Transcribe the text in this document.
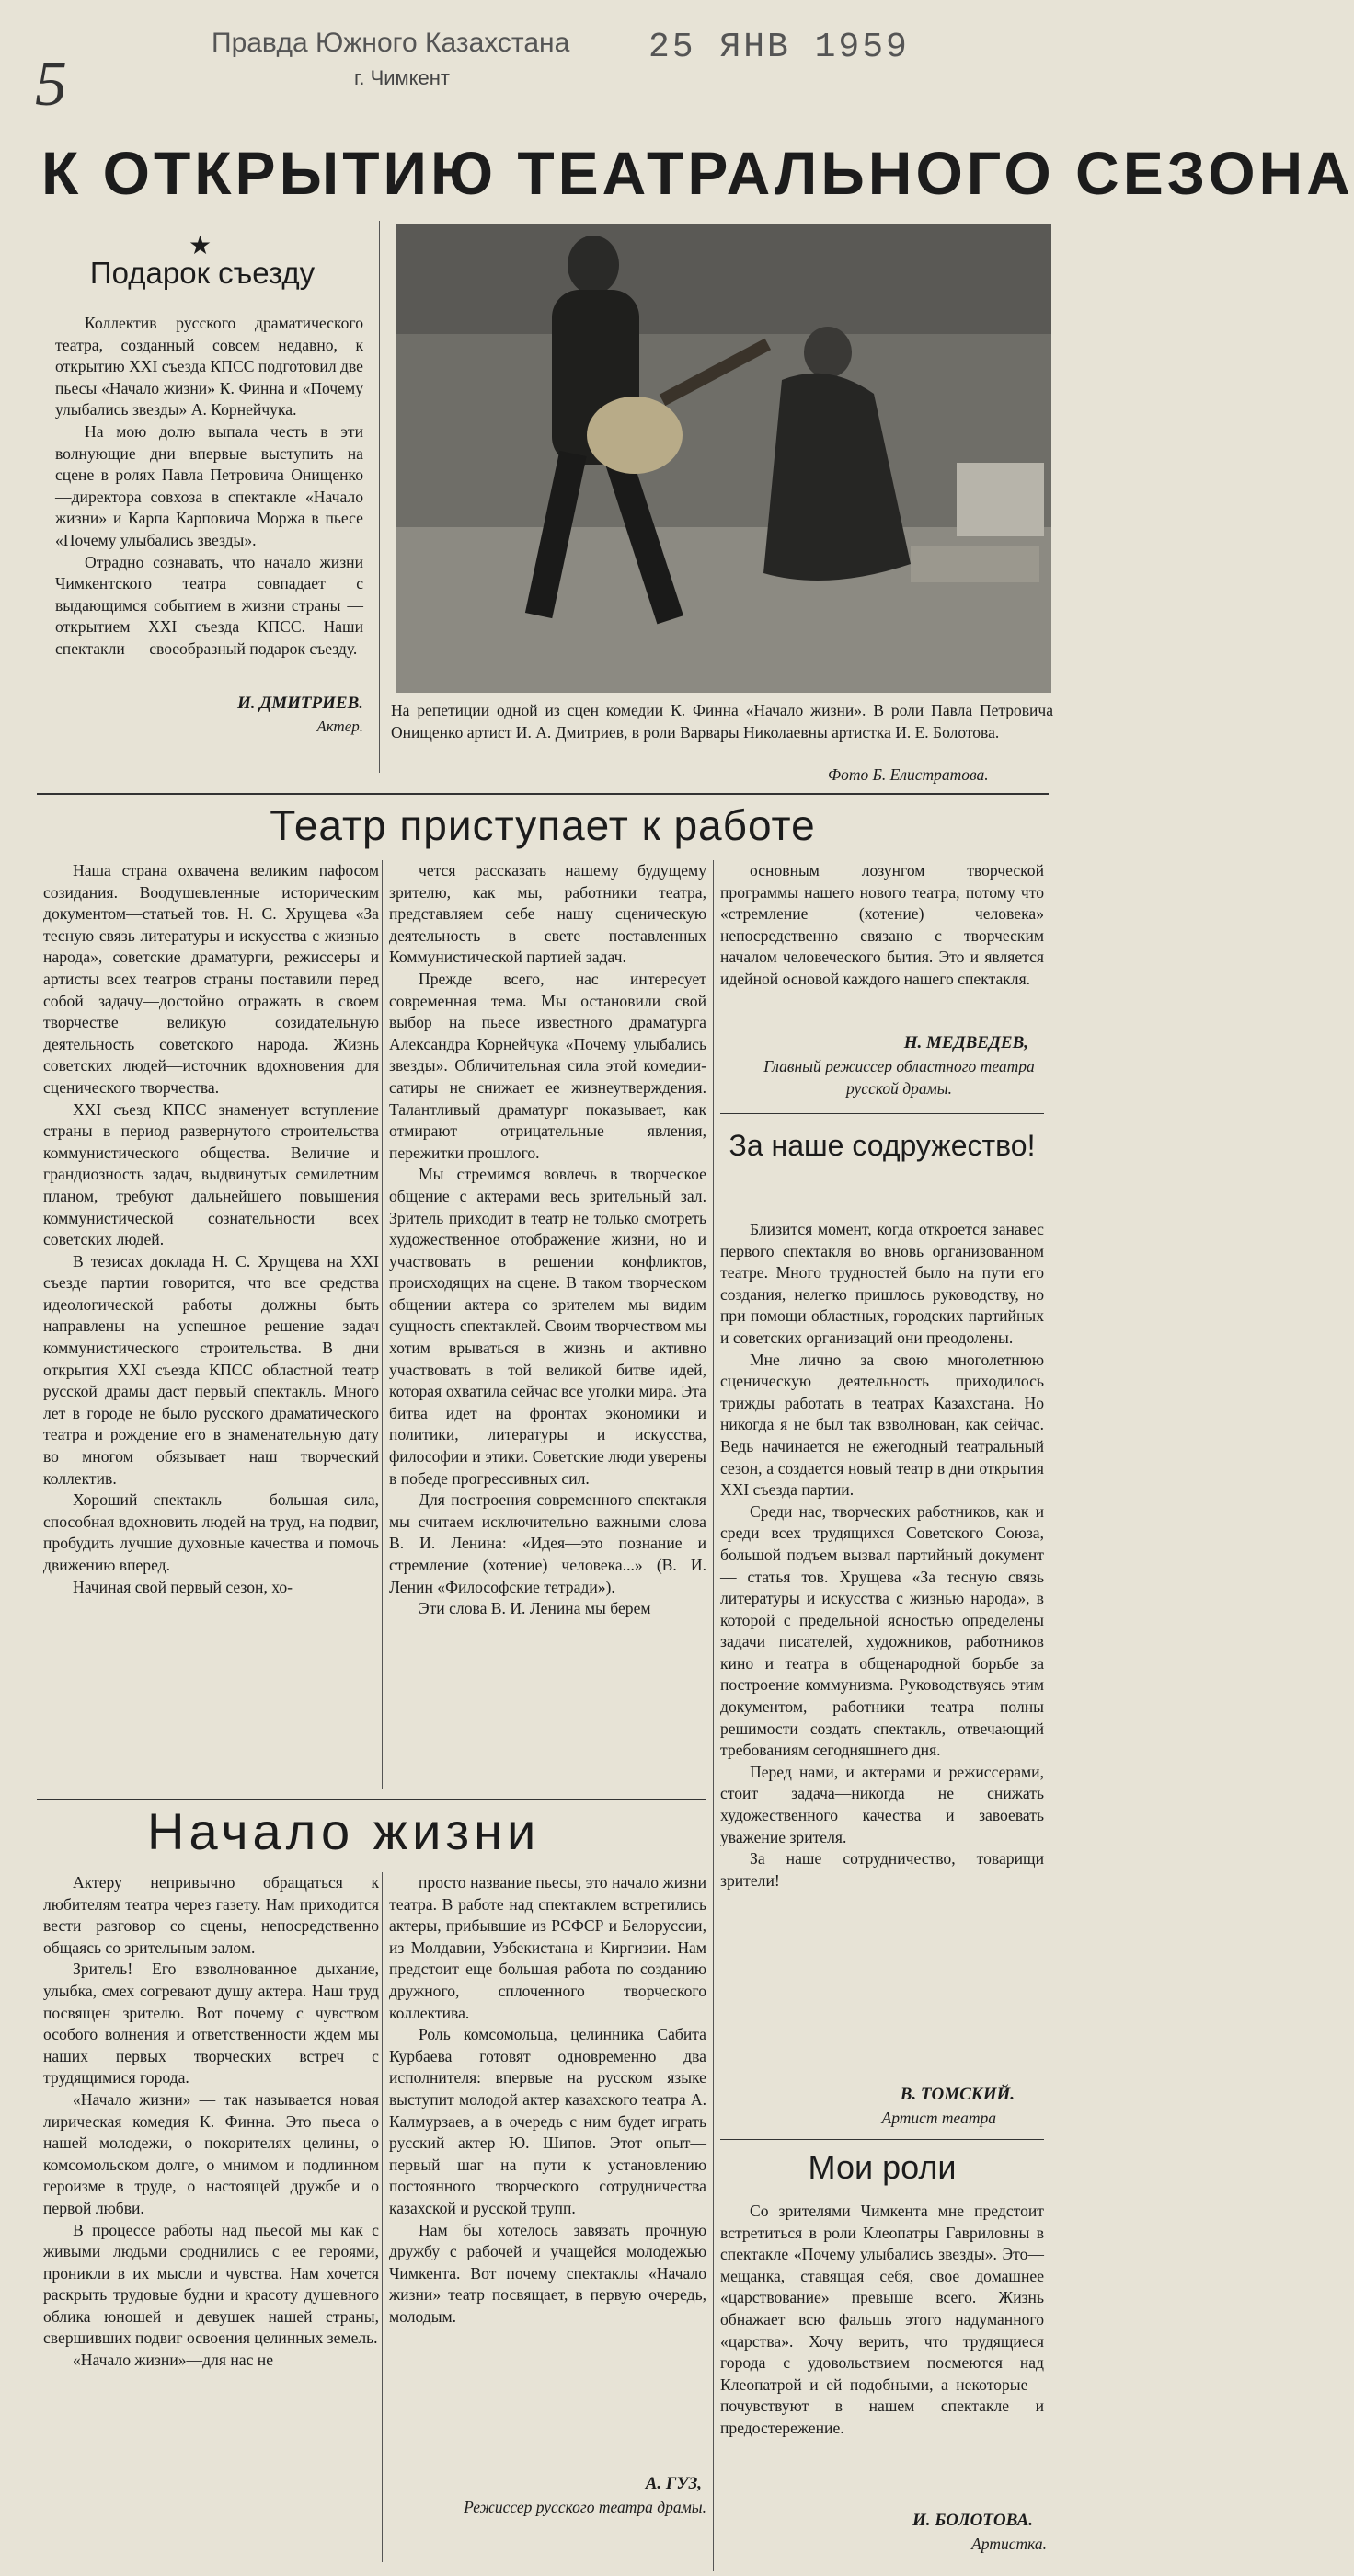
5
Правда Южного Казахстана
г. Чимкент
25 ЯНВ 1959
К ОТКРЫТИЮ ТЕАТРАЛЬНОГО СЕЗОНА
★
Подарок съезду

Коллектив русского драматического театра, созданный совсем недавно, к открытию XXI съезда КПСС подготовил две пьесы «Начало жизни» К. Финна и «Почему улыбались звезды» А. Корнейчука.

На мою долю выпала честь в эти волнующие дни впервые выступить на сцене в ролях Павла Петровича Онищенко—директора совхоза в спектакле «Начало жизни» и Карпа Карповича Моржа в пьесе «Почему улыбались звезды».

Отрадно сознавать, что начало жизни Чимкентского театра совпадает с выдающимся событием в жизни страны — открытием XXI съезда КПСС. Наши спектакли — своеобразный подарок съезду.

И. ДМИТРИЕВ.
Актер.
На репетиции одной из сцен комедии К. Финна «Начало жизни». В роли Павла Петровича Онищенко артист И. А. Дмитриев, в роли Варвары Николаевны артистка И. Е. Болотова.
Фото Б. Елистратова.
Театр приступает к работе

Наша страна охвачена великим пафосом созидания. Воодушевленные историческим документом—статьей тов. Н. С. Хрущева «За тесную связь литературы и искусства с жизнью народа», советские драматурги, режиссеры и артисты всех театров страны поставили перед собой задачу—достойно отражать в своем творчестве великую созидательную деятельность советского народа. Жизнь советских людей—источник вдохновения для сценического творчества.

XXI съезд КПСС знаменует вступление страны в период развернутого строительства коммунистического общества. Величие и грандиозность задач, выдвинутых семилетним планом, требуют дальнейшего повышения коммунистической сознательности всех советских людей.

В тезисах доклада Н. С. Хрущева на XXI съезде партии говорится, что все средства идеологической работы должны быть направлены на успешное решение задач коммунистического строительства. В дни открытия XXI съезда КПСС областной театр русской драмы даст первый спектакль. Много лет в городе не было русского драматического театра и рождение его в знаменательную дату во многом обязывает наш творческий коллектив.

Хороший спектакль — большая сила, способная вдохновить людей на труд, на подвиг, пробудить лучшие духовные качества и помочь движению вперед.

Начиная свой первый сезон, хо-

чется рассказать нашему будущему зрителю, как мы, работники театра, представляем себе нашу сценическую деятельность в свете поставленных Коммунистической партией задач.

Прежде всего, нас интересует современная тема. Мы остановили свой выбор на пьесе известного драматурга Александра Корнейчука «Почему улыбались звезды». Обличительная сила этой комедии-сатиры не снижает ее жизнеутверждения. Талантливый драматург показывает, как отмирают отрицательные явления, пережитки прошлого.

Мы стремимся вовлечь в творческое общение с актерами весь зрительный зал. Зритель приходит в театр не только смотреть художественное отображение жизни, но и участвовать в решении конфликтов, происходящих на сцене. В таком творческом общении актера со зрителем мы видим сущность спектаклей. Своим творчеством мы хотим врываться в жизнь и активно участвовать в той великой битве идей, которая охватила сейчас все уголки мира. Эта битва идет на фронтах экономики и политики, литературы и искусства, философии и этики. Советские люди уверены в победе прогрессивных сил.

Для построения современного спектакля мы считаем исключительно важными слова В. И. Ленина: «Идея—это познание и стремление (хотение) человека...» (В. И. Ленин «Философские тетради»).

Эти слова В. И. Ленина мы берем

основным лозунгом творческой программы нашего нового театра, потому что «стремление (хотение) человека» непосредственно связано с творческим началом человеческого бытия. Это и является идейной основой каждого нашего спектакля.

Н. МЕДВЕДЕВ,
Главный режиссер областного театра русской драмы.
За наше содружество!

Близится момент, когда откроется занавес первого спектакля во вновь организованном театре. Много трудностей было на пути его создания, нелегко пришлось руководству, но при помощи областных, городских партийных и советских организаций они преодолены.

Мне лично за свою многолетнюю сценическую деятельность приходилось трижды работать в театрах Казахстана. Но никогда я не был так взволнован, как сейчас. Ведь начинается не ежегодный театральный сезон, а создается новый театр в дни открытия XXI съезда партии.

Среди нас, творческих работников, как и среди всех трудящихся Советского Союза, большой подъем вызвал партийный документ — статья тов. Хрущева «За тесную связь литературы и искусства с жизнью народа», в которой с предельной ясностью определены задачи писателей, художников, работников кино и театра в общенародной борьбе за построение коммунизма. Руководствуясь этим документом, работники театра полны решимости создать спектакль, отвечающий требованиям сегодняшнего дня.

Перед нами, и актерами и режиссерами, стоит задача—никогда не снижать художественного качества и завоевать уважение зрителя.

За наше сотрудничество, товарищи зрители!

В. ТОМСКИЙ.
Артист театра
Мои роли

Со зрителями Чимкента мне предстоит встретиться в роли Клеопатры Гавриловны в спектакле «Почему улыбались звезды». Это—мещанка, ставящая себя, свое домашнее «царствование» превыше всего. Жизнь обнажает всю фальшь этого надуманного «царства». Хочу верить, что трудящиеся города с удовольствием посмеются над Клеопатрой и ей подобными, а некоторые—почувствуют в нашем спектакле и предостережение.

И. БОЛОТОВА.
Артистка.
Начало жизни

Актеру непривычно обращаться к любителям театра через газету. Нам приходится вести разговор со сцены, непосредственно общаясь со зрительным залом.

Зритель! Его взволнованное дыхание, улыбка, смех согревают душу актера. Наш труд посвящен зрителю. Вот почему с чувством особого волнения и ответственности ждем мы наших первых творческих встреч с трудящимися города.

«Начало жизни» — так называется новая лирическая комедия К. Финна. Это пьеса о нашей молодежи, о покорителях целины, о комсомольском долге, о мнимом и подлинном героизме в труде, о настоящей дружбе и о первой любви.

В процессе работы над пьесой мы как с живыми людьми сроднились с ее героями, проникли в их мысли и чувства. Нам хочется раскрыть трудовые будни и красоту душевного облика юношей и девушек нашей страны, свершивших подвиг освоения целинных земель.

«Начало жизни»—для нас не

просто название пьесы, это начало жизни театра. В работе над спектаклем встретились актеры, прибывшие из РСФСР и Белоруссии, из Молдавии, Узбекистана и Киргизии. Нам предстоит еще большая работа по созданию дружного, сплоченного творческого коллектива.

Роль комсомольца, целинника Сабита Курбаева готовят одновременно два исполнителя: впервые на русском языке выступит молодой актер казахского театра А. Калмурзаев, а в очередь с ним будет играть русский актер Ю. Шипов. Этот опыт—первый шаг на пути к установлению постоянного творческого сотрудничества казахской и русской трупп.

Нам бы хотелось завязать прочную дружбу с рабочей и учащейся молодежью Чимкента. Вот почему спектаклы «Начало жизни» театр посвящает, в первую очередь, молодым.

А. ГУЗ,
Режиссер русского театра драмы.
